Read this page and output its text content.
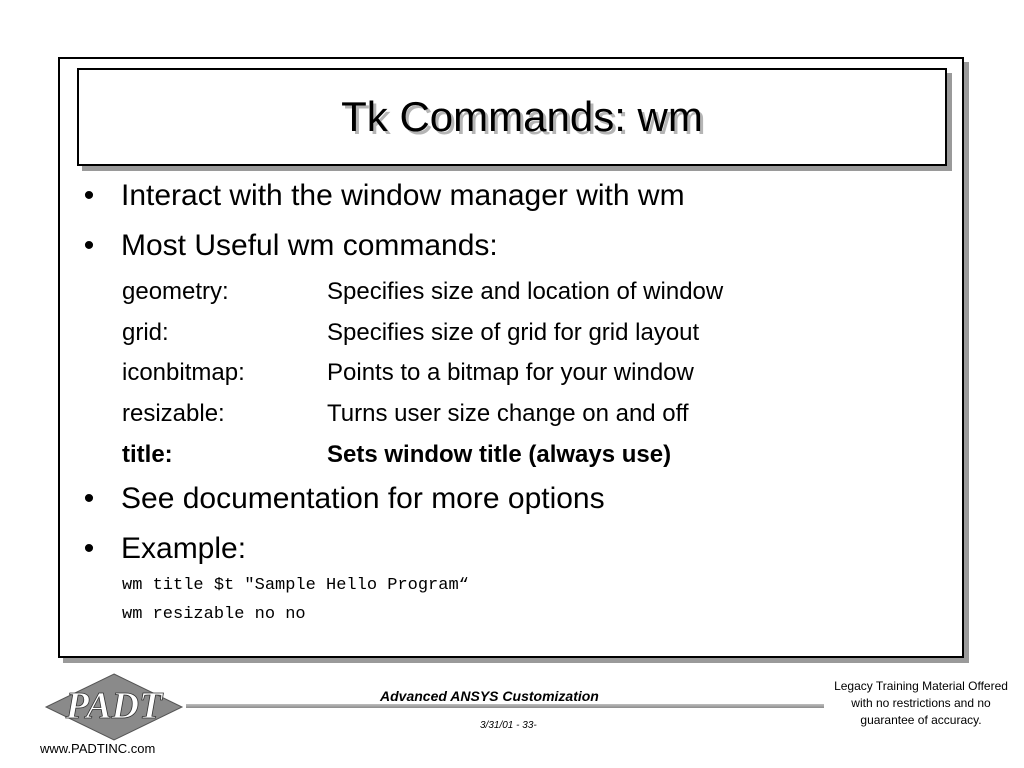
Tk Commands: wm
• Interact with the window manager with wm
• Most Useful wm commands:
geometry:	Specifies size and location of window
grid:	Specifies size of grid for grid layout
iconbitmap:	Points to a bitmap for your window
resizable:	Turns user size change on and off
title:	Sets window title (always use)
• See documentation for more options
• Example:
wm title $t "Sample Hello Program“
wm resizable no no
PADT	Advanced ANSYS Customization
3/31/01 - 33-
www.PADTINC.com
Legacy Training Material Offered with no restrictions and no guarantee of accuracy.
